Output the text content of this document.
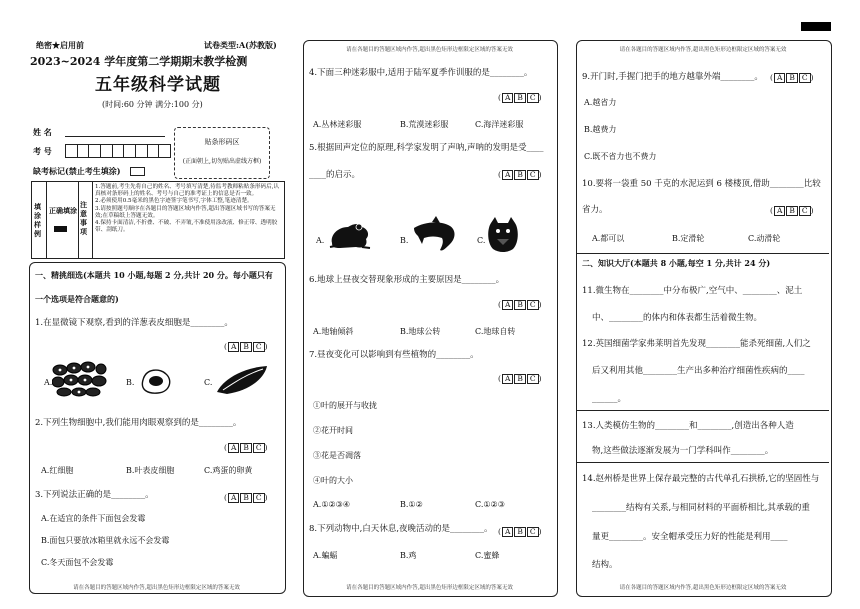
绝密★启用前	试卷类型:A(苏教版)
2023~2024 学年度第二学期期末教学检测
五年级科学试题
(时间:60 分钟 满分:100 分)
姓 名
考 号
贴条形码区
(正面朝上,切勿贴出虚线方框)
缺考标记(禁止考生填涂)
填涂样例
正确填涂
注意事项
1.答题前,考生先将自己的姓名、考号填写清楚,待监考教师粘贴条形码后,认真核对条形码上的姓名、考号与自己的准考证上的信息是否一致。
2.必须使用0.5毫米的黑色字迹签字笔书写,字体工整,笔迹清楚。
3.请按照题号顺序在各题目的答题区域内作答,超出答题区域书写的答案无效;在草稿纸上答题无效。
4.保持卡面清洁,不折叠、不破、不弄皱,不准使用涂改液、修正带、透明胶带、刮纸刀。
一、精挑细选(本题共 10 小题,每题 2 分,共计 20 分。每小题只有
一个选项是符合题意的)
1.在显微镜下观察,看到的洋葱表皮细胞是________。
( A B C )
A.	B.	C.
2.下列生物细胞中,我们能用肉眼观察到的是________。
( A B C )
A.红细胞	B.叶表皮细胞	C.鸡蛋的卵黄
3.下列说法正确的是________。	( A B C )
A.在适宜的条件下面包会发霉
B.面包只要放冰箱里就永远不会发霉
C.冬天面包不会发霉
请在各题目的答题区域内作答,超出黑色矩形边框限定区域的答案无效
请在各题目的答题区域内作答,超出黑色矩形边框限定区域的答案无效
4.下面三种迷彩服中,适用于陆军夏季作训服的是________。
( A B C )
A.丛林迷彩服	B.荒漠迷彩服	C.海洋迷彩服
5.根据回声定位的原理,科学家发明了声呐,声呐的发明是受____
____的启示。	( A B C )
A.	B.	C.
6.地球上昼夜交替现象形成的主要原因是________。
( A B C )
A.地轴倾斜	B.地球公转	C.地球自转
7.昼夜变化可以影响到有些植物的________。
( A B C )
①叶的展开与收拢
②花开时间
③花是否凋落
④叶的大小
A.①②③④	B.①②	C.①②③
8.下列动物中,白天休息,夜晚活动的是________。 ( A B C )
A.蝙蝠	B.鸡	C.蜜蜂
请在各题目的答题区域内作答,超出黑色矩形边框限定区域的答案无效
请在各题目的答题区域内作答,超出黑色矩形边框限定区域的答案无效
9.开门时,手握门把手的地方越靠外端________。 ( A B C )
A.越省力
B.越费力
C.既不省力也不费力
10.要将一袋重 50 千克的水泥运到 6 楼楼顶,借助________比较
省力。	( A B C )
A.都可以	B.定滑轮	C.动滑轮
二、知识大厅(本题共 8 小题,每空 1 分,共计 24 分)
11.微生物在________中分布极广,空气中、________、泥土
中、________的体内和体表都生活着微生物。
12.英国细菌学家弗莱明首先发现________能杀死细菌,人们之
后又利用其他________生产出多种治疗细菌性疾病的____
______。
13.人类模仿生物的________和________,创造出各种人造
物,这些做法逐渐发展为一门学科叫作________。
14.赵州桥是世界上保存最完整的古代单孔石拱桥,它的坚固性与
________结构有关系,与相同材料的平面桥相比,其承载的重
量更________。安全帽承受压力好的性能是利用____
结构。
请在各题目的答题区域内作答,超出黑色矩形边框限定区域的答案无效
